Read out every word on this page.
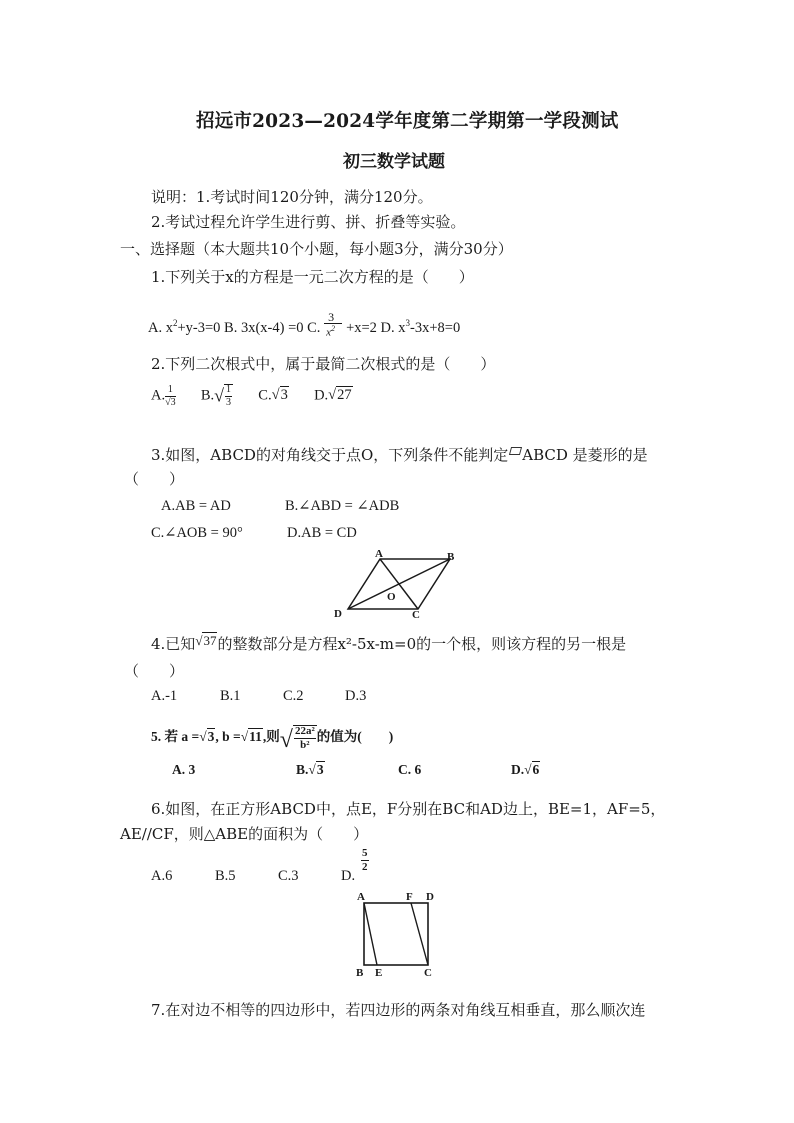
招远市2023—2024学年度第二学期第一学段测试
初三数学试题
说明：1.考试时间120分钟，满分120分。
2.考试过程允许学生进行剪、拼、折叠等实验。
一、选择题（本大题共10个小题，每小题3分，满分30分）
1.下列关于x的方程是一元二次方程的是（　　）
A. $x^2+y-3=0$ B. 3x(x-4) =0 C.
$\frac{3}{x^2}$
+x=2 D. $x^3-3x+8=0$
2.下列二次根式中，属于最简二次根式的是（　　）
A. $\frac{1}{√3} B.√ \frac{1}{3} C.√3$ D.√27
3.如图，ABCD的对角线交于点O，下列条件不能判定 ABCD 是菱形的是
（　　）
A.AB = AD	B.∠ABD = ∠ADB
C.∠AOB = 90°	D.AB = CD
A	B
C
D
O
4.已知√37的整数部分是方程x²-5x-m=0的一个根，则该方程的另一根是
（　　）
A.-1	B.1	C.2	D.3
5. 若 a =√3, b =√11,则√ $\frac{\text{22a²}}{\text{b²}}$ 的值为(　　)
A. 3	B.√3	C. 6	D.√6
6.如图，在正方形ABCD中，点E，F分别在BC和AD边上，BE=1，AF=5，
AE//CF，则△ABE的面积为（　　）
A.6	B.5	C.3	D.
$\frac{5}{2}$
A	F D
B E	C
7.在对边不相等的四边形中，若四边形的两条对角线互相垂直，那么顺次连
